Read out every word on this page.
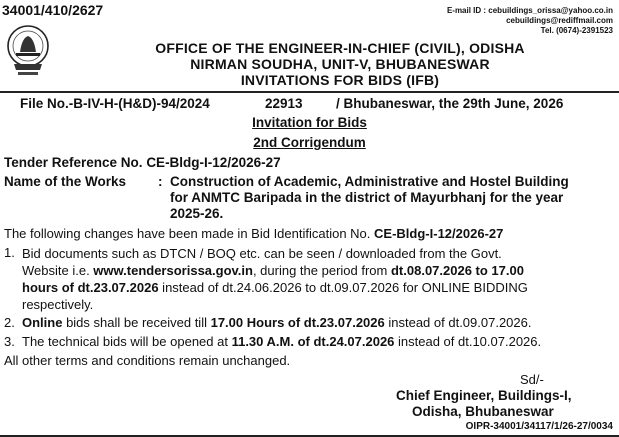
34001/410/2627	E-mail ID : cebuildings_orissa@yahoo.co.in
cebuildings@rediffmail.com
Tel. (0674)-2391523
OFFICE OF THE ENGINEER-IN-CHIEF (CIVIL), ODISHA
NIRMAN SOUDHA, UNIT-V, BHUBANESWAR
INVITATIONS FOR BIDS (IFB)
File No.-B-IV-H-(H&D)-94/2024	22913 / Bhubaneswar, the 29th June, 2026
Invitation for Bids
2nd Corrigendum
Tender Reference No. CE-Bldg-I-12/2026-27
Name of the Works : Construction of Academic, Administrative and Hostel Building
for ANMTC Baripada in the district of Mayurbhanj for the year
2025-26.
The following changes have been made in Bid Identification No. CE-Bldg-I-12/2026-27
1. Bid documents such as DTCN / BOQ etc. can be seen / downloaded from the Govt.
Website i.e. www.tendersorissa.gov.in, during the period from dt.08.07.2026 to 17.00
hours of dt.23.07.2026 instead of dt.24.06.2026 to dt.09.07.2026 for ONLINE BIDDING
respectively.
2. Online bids shall be received till 17.00 Hours of dt.23.07.2026 instead of dt.09.07.2026.
3. The technical bids will be opened at 11.30 A.M. of dt.24.07.2026 instead of dt.10.07.2026.
All other terms and conditions remain unchanged.
Sd/-
Chief Engineer, Buildings-I,
Odisha, Bhubaneswar
OIPR-34001/34117/1/26-27/0034
